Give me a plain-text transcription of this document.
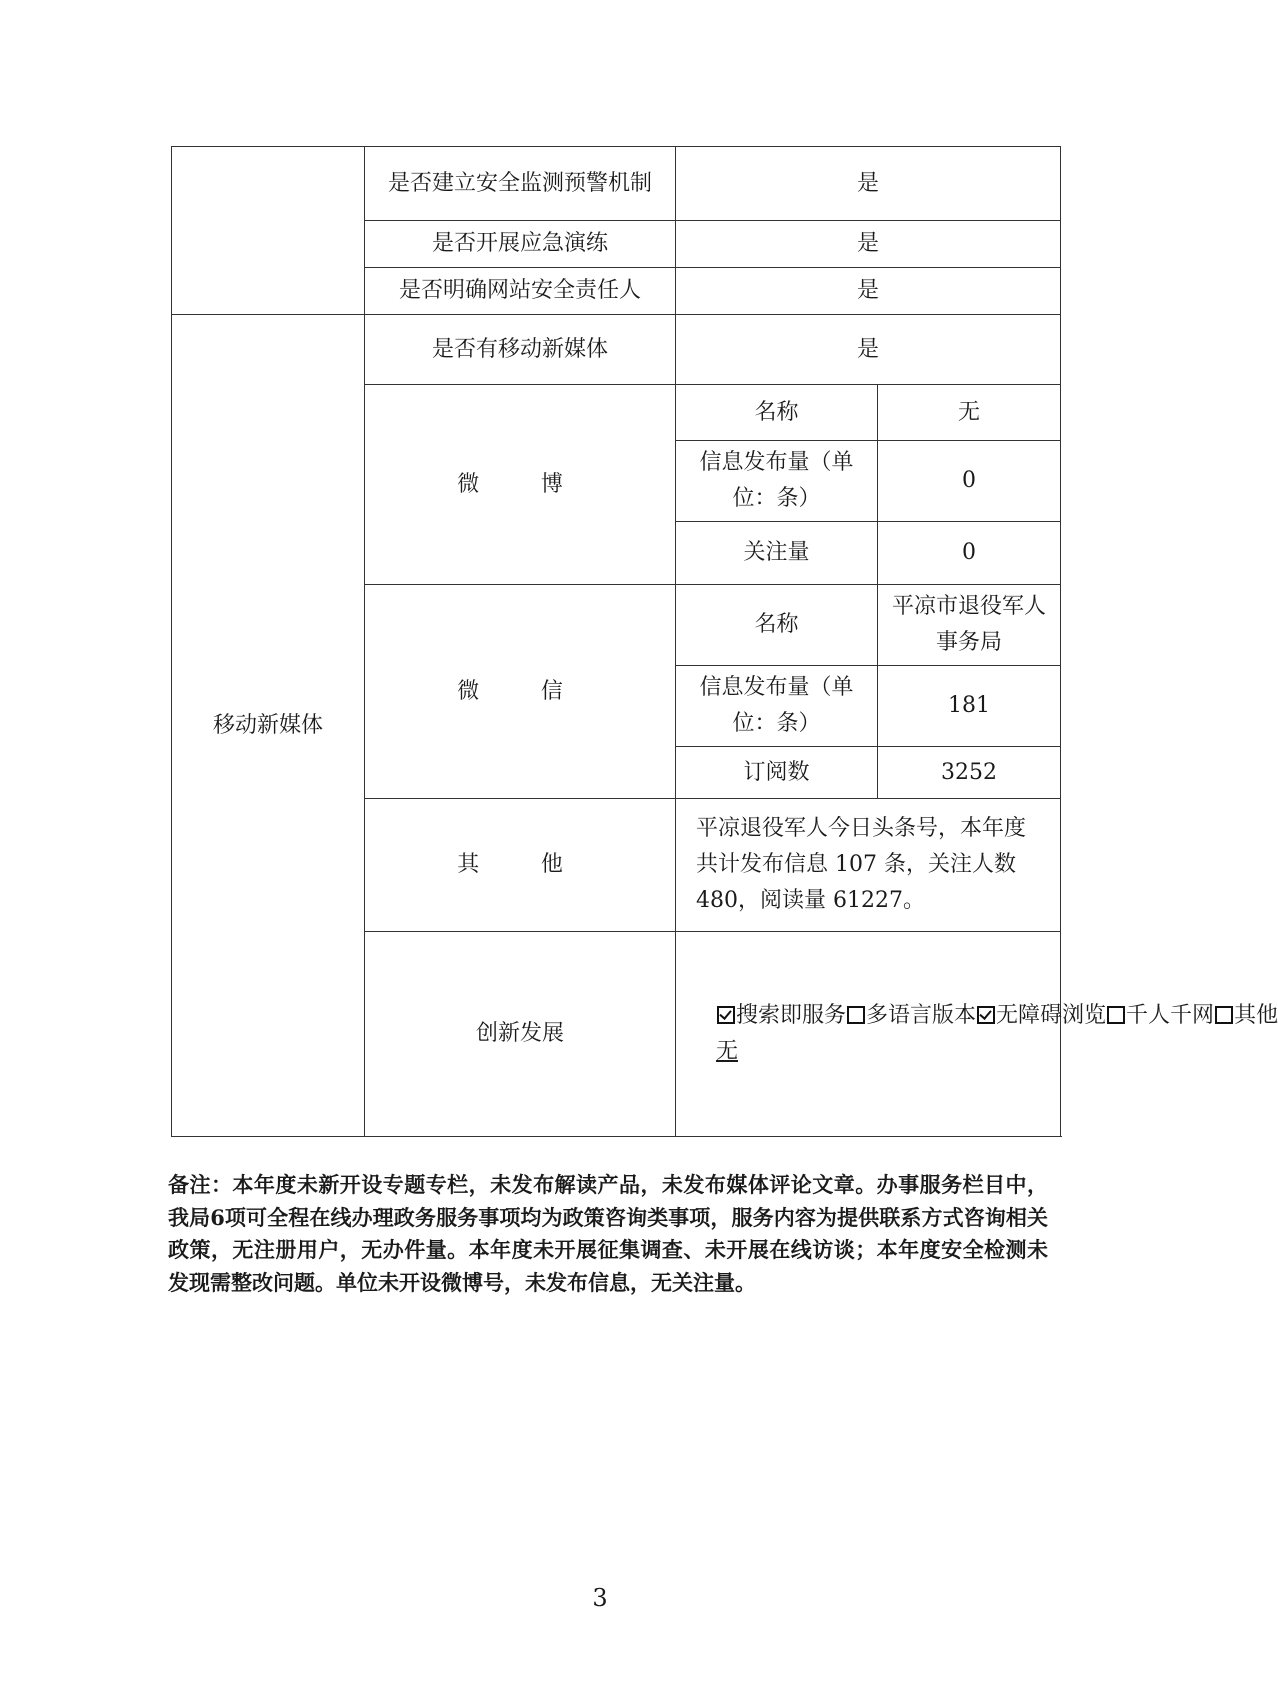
	是否建立安全监测预警机制	是	
	是否开展应急演练	是	
	是否明确网站安全责任人	是	
移动新媒体	是否有移动新媒体	是	
	微　博	名称	无
		信息发布量（单位：条）	0
		关注量	0
	微　信	名称	平凉市退役军人事务局
		信息发布量（单位：条）	181
		订阅数	3252
	其　他	平凉退役军人今日头条号，本年度共计发布信息 107 条，关注人数 480，阅读量 61227。	
	创新发展	搜索即服务 多语言版本 无障碍浏览 千人千网 其他
无	
备注：本年度未新开设专题专栏，未发布解读产品，未发布媒体评论文章。办事服务栏目中，我局6项可全程在线办理政务服务事项均为政策咨询类事项，服务内容为提供联系方式咨询相关政策，无注册用户，无办件量。本年度未开展征集调查、未开展在线访谈；本年度安全检测未发现需整改问题。单位未开设微博号，未发布信息，无关注量。
3
